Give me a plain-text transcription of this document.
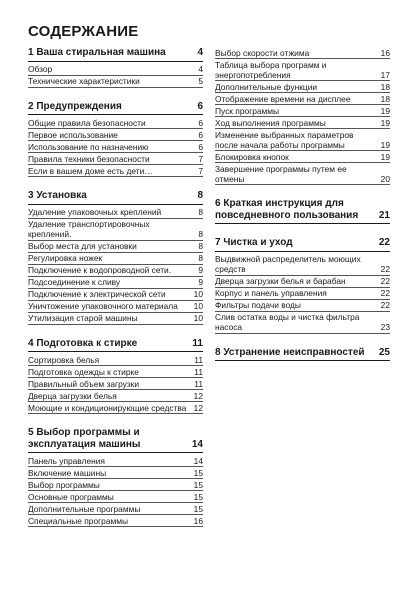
СОДЕРЖАНИЕ
1 Ваша стиральная машина	4
Обзор	4
Технические характеристики	5
2 Предупреждения	6
Общие правила безопасности	6
Первое использование	6
Использование по назначению	6
Правила техники безопасности	7
Если в вашем доме есть дети…	7
3 Установка	8
Удаление упаковочных креплений	8
Удаление транспортировочных креплений.	8
Выбор места для установки	8
Регулировка ножек	8
Подключение к водопроводной сети.	9
Подсоединение к сливу	9
Подключение к электрической сети	10
Уничтожение упаковочного материала	10
Утилизация старой машины	10
4 Подготовка к стирке	11
Сортировка белья	11
Подготовка одежды к стирке	11
Правильный объем загрузки	11
Дверца загрузки белья	12
Моющие и кондиционирующие средства 12
5 Выбор программы и эксплуатация машины	14
Панель управления	14
Включение машины	15
Выбор программы	15
Основные программы	15
Дополнительные программы	15
Специальные программы	16
Выбор скорости отжима	16
Таблица выбора программ и энергопотребления	17
Дополнительные функции	18
Отображение времени на дисплее	18
Пуск программы	19
Ход выполнения программы	19
Изменение выбранных параметров после начала работы программы	19
Блокировка кнопок	19
Завершение программы путем ее отмены	20
6 Краткая инструкция для повседневного пользования	21
7 Чистка и уход	22
Выдвижной распределитель моющих средств	22
Дверца загрузки белья и барабан	22
Корпус и панель управления	22
Фильтры подачи воды	22
Слив остатка воды и чистка фильтра насоса	23
8 Устранение неисправностей	25
